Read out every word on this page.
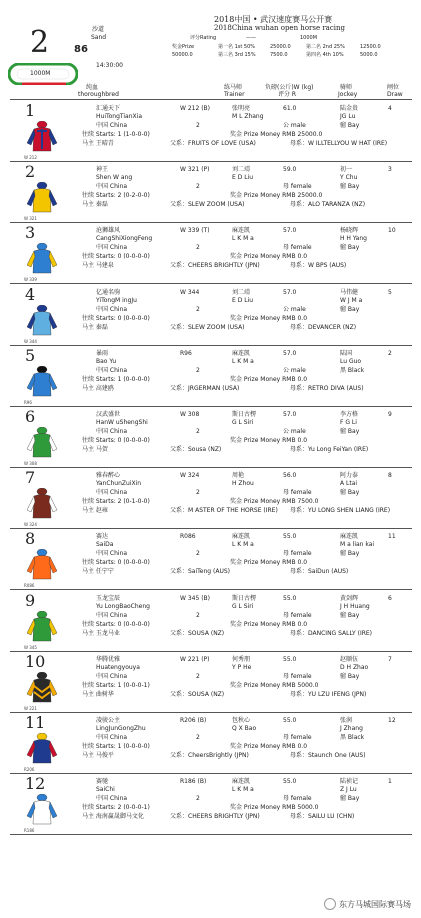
2 86
沙道
Sand
14:30:00
1000M
2018中国 • 武汉速度赛马公开赛
2018China wuhan open horse racing
评分Rating	——	1000M
奖金Prize
50000.0
第一名 1st 50%	25000.0	第二名 2nd 25%	12500.0
第三名 3rd 15%	7500.0	第四名 4th 10%	5000.0
纯血
thoroughbred
练马师
Trainer
负磅(公斤)W (kg)
评分 R
骑师
Jockey
闸位
Draw
1
W 212
汇通天下
HuiTongTianXia
W 212 (B)	张明亮
M L Zhang
61.0	陆金贵
JG Lu
4
中国 China	2	公 male	骝 Bay
往续 Starts: 1 (1-0-0-0)	奖金 Prize Money RMB 25000.0
马主 王晴青	父系：FRUITS OF LOVE (USA)	母系：W ILLTELLYOU W HAT (IRE)
2
W 321
神王
Shen W ang
W 321 (P)	刘二靖
E D Liu
59.0	初一
Y Chu
3
中国 China	2	母 female	骝 Bay
往续 Starts: 2 (0-2-0-0)	奖金 Prize Money RMB 25000.0
马主 秦磊	父系：SLEW ZOOM (USA)	母系：ALO TARANZA (NZ)
3
W 339
沧狮雄风
CangShiXiongFeng
W 339 (T)	麻连凯
L K M a
57.0	杨晓辉
H H Yang
10
中国 China	2	母 female	骝 Bay
往续 Starts: 0 (0-0-0-0)	奖金 Prize Money RMB 0.0
马主 马建泉	父系：CHEERS BRIGHTLY (JPN)	母系：W BPS (AUS)
4
W 344
亿通名驹
YiTongM ingJu
W 344	刘二靖
E D Liu
57.0	马伟健
W J M a
5
中国 China	2	公 male	骝 Bay
往续 Starts: 0 (0-0-0-0)	奖金 Prize Money RMB 0.0
马主 秦磊	父系：SLEW ZOOM (USA)	母系：DEVANCER (NZ)
5
R96
暴雨
Bao Yu
R96	麻连凯
L K M a
57.0	陆国
Lu Guo
2
中国 China	2	公 male	黑 Black
往续 Starts: 1 (0-0-0-0)	奖金 Prize Money RMB 0.0
马主 高建鸥	父系：JRGERMAN (USA)	母系：RETRO DIVA (AUS)
6
W 308
汉武盛世
HanW uShengShi
W 308	斯日古楞
G L Siri
57.0	李方格
F G Li
9
中国 China	2	公 male	骝 Bay
往续 Starts: 0 (0-0-0-0)	奖金 Prize Money RMB 0.0
马主 马贺	父系：Sousa (NZ)	母系：Yu Long FeiYan (IRE)
7
W 324
雅春醉心
YanChunZuiXin
W 324	周艳
H Zhou
56.0	阿力泰
A Ltai
8
中国 China	2	母 female	骝 Bay
往续 Starts: 2 (0-1-0-0)	奖金 Prize Money RMB 7500.0
马主 赵雍	父系：M ASTER OF THE HORSE (IRE) 母系：YU LONG SHEN LIANG (IRE)
8
R086
赛达
SaiDa
R086	麻连凯
L K M a
55.0	麻连凯
M a lian kai
11
中国 China	2	母 female	骝 Bay
往续 Starts: 0 (0-0-0-0)	奖金 Prize Money RMB 0.0
马主 任宁宁	父系：SaiTeng (AUS)	母系：SaiDun (AUS)
9
W 345
玉龙宝辰
Yu LongBaoCheng
W 345 (B)	斯日古楞
G L Siri
55.0	黄剑辉
J H Huang
6
中国 China	2	母 female	骝 Bay
往续 Starts: 0 (0-0-0-0)	奖金 Prize Money RMB 0.0
马主 玉龙马业	父系：SOUSA (NZ)	母系：DANCING SALLY (IRE)
10
W 221
华腾优雅
Huatengyouya
W 221 (P)	何秀朋
Y P He
55.0	赵顺伍
D H Zhao
7
中国 China	2	母 female	骝 Bay
往续 Starts: 1 (0-0-0-1)	奖金 Prize Money RMB 5000.0
马主 曲树华	父系：SOUSA (NZ)	母系：YU LZU IFENG (JPN)
11
R206
凌骏公主
LingJunGongZhu
R206 (B)	包秋心
Q X Bao
55.0	张润
J Zhang
12
中国 China	2	母 female	黑 Black
往续 Starts: 1 (0-0-0-0)	奖金 Prize Money RMB 0.0
马主 马俊平	父系：CheersBrightly (JPN)	母系：Staunch One (AUS)
12
R186
赛驰
SaiChi
R186 (B)	麻连凯
L K M a
55.0	陆祯记
Z J Lu
1
中国 China	2	母 female	骝 Bay
往续 Starts: 2 (0-0-0-1)	奖金 Prize Money RMB 5000.0
马主 海南赢晟御马文化	父系：CHEERS BRIGHTLY (JPN)	母系：SAILU LU (CHN)
东方马城国际赛马场
